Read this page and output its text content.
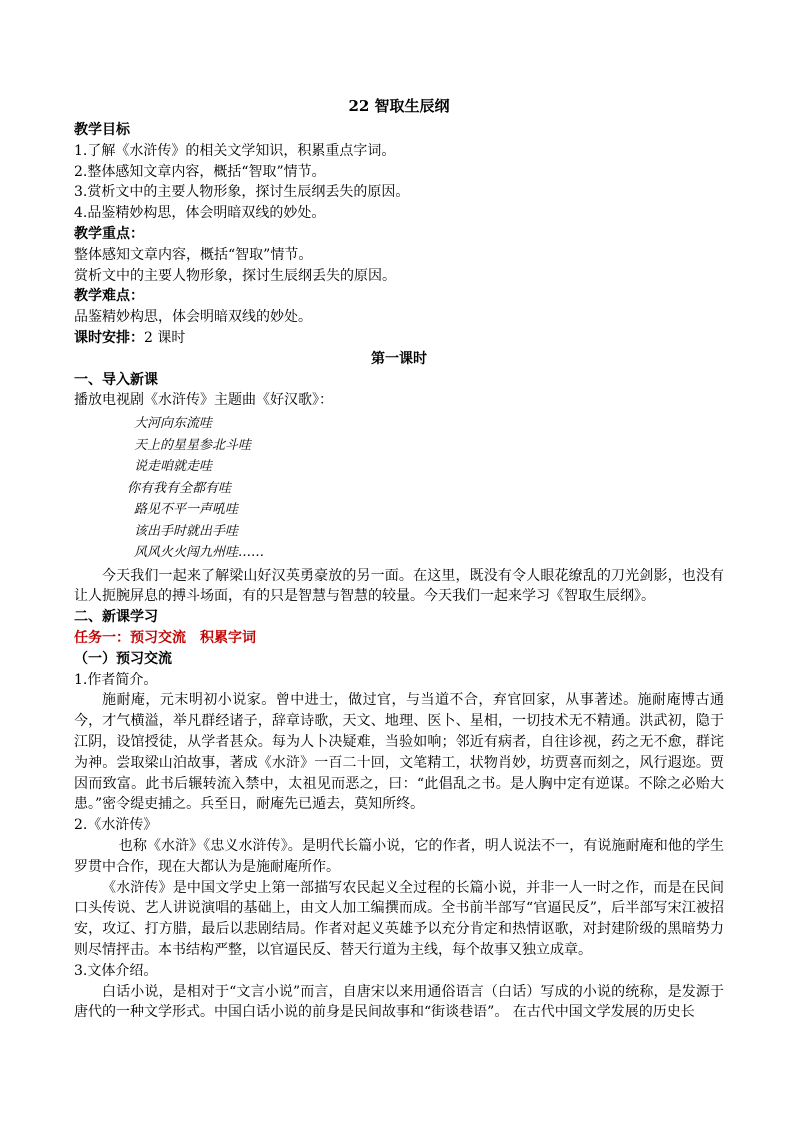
22 智取生辰纲

教学目标

1.了解《水浒传》的相关文学知识，积累重点字词。

2.整体感知文章内容，概括“智取”情节。

3.赏析文中的主要人物形象，探讨生辰纲丢失的原因。

4.品鉴精妙构思，体会明暗双线的妙处。

教学重点：

整体感知文章内容，概括“智取”情节。

赏析文中的主要人物形象，探讨生辰纲丢失的原因。

教学难点：

品鉴精妙构思，体会明暗双线的妙处。

课时安排：2 课时

第一课时

一、导入新课

播放电视剧《水浒传》主题曲《好汉歌》：

大河向东流哇

天上的星星参北斗哇

说走咱就走哇

你有我有全都有哇

路见不平一声吼哇

该出手时就出手哇

风风火火闯九州哇……

今天我们一起来了解梁山好汉英勇豪放的另一面。在这里，既没有令人眼花缭乱的刀光剑影，也没有让人扼腕屏息的搏斗场面，有的只是智慧与智慧的较量。今天我们一起来学习《智取生辰纲》。

二、新课学习

任务一：预习交流　积累字词

（一）预习交流

1.作者简介。

施耐庵，元末明初小说家。曾中进士，做过官，与当道不合，弃官回家，从事著述。施耐庵博古通今，才气横溢，举凡群经诸子，辞章诗歌，天文、地理、医卜、星相，一切技术无不精通。洪武初，隐于江阴，设馆授徒，从学者甚众。每为人卜决疑难，当验如响；邻近有病者，自往诊视，药之无不愈，群诧为神。尝取梁山泊故事，著成《水浒》一百二十回，文笔精工，状物肖妙，坊贾喜而刻之，风行遐迩。贾因而致富。此书后辗转流入禁中，太祖见而恶之，曰：“此倡乱之书。是人胸中定有逆谋。不除之必贻大患。”密令缇吏捕之。兵至日，耐庵先已遁去，莫知所终。

2.《水浒传》

也称《水浒》《忠义水浒传》。是明代长篇小说，它的作者，明人说法不一，有说施耐庵和他的学生罗贯中合作，现在大都认为是施耐庵所作。

《水浒传》是中国文学史上第一部描写农民起义全过程的长篇小说，并非一人一时之作，而是在民间口头传说、艺人讲说演唱的基础上，由文人加工编撰而成。全书前半部写“官逼民反”，后半部写宋江被招安，攻辽、打方腊，最后以悲剧结局。作者对起义英雄予以充分肯定和热情讴歌，对封建阶级的黑暗势力则尽情抨击。本书结构严整，以官逼民反、替天行道为主线，每个故事又独立成章。

3.文体介绍。

白话小说，是相对于“文言小说”而言，自唐宋以来用通俗语言（白话）写成的小说的统称，是发源于唐代的一种文学形式。中国白话小说的前身是民间故事和“街谈巷语”。 在古代中国文学发展的历史长
